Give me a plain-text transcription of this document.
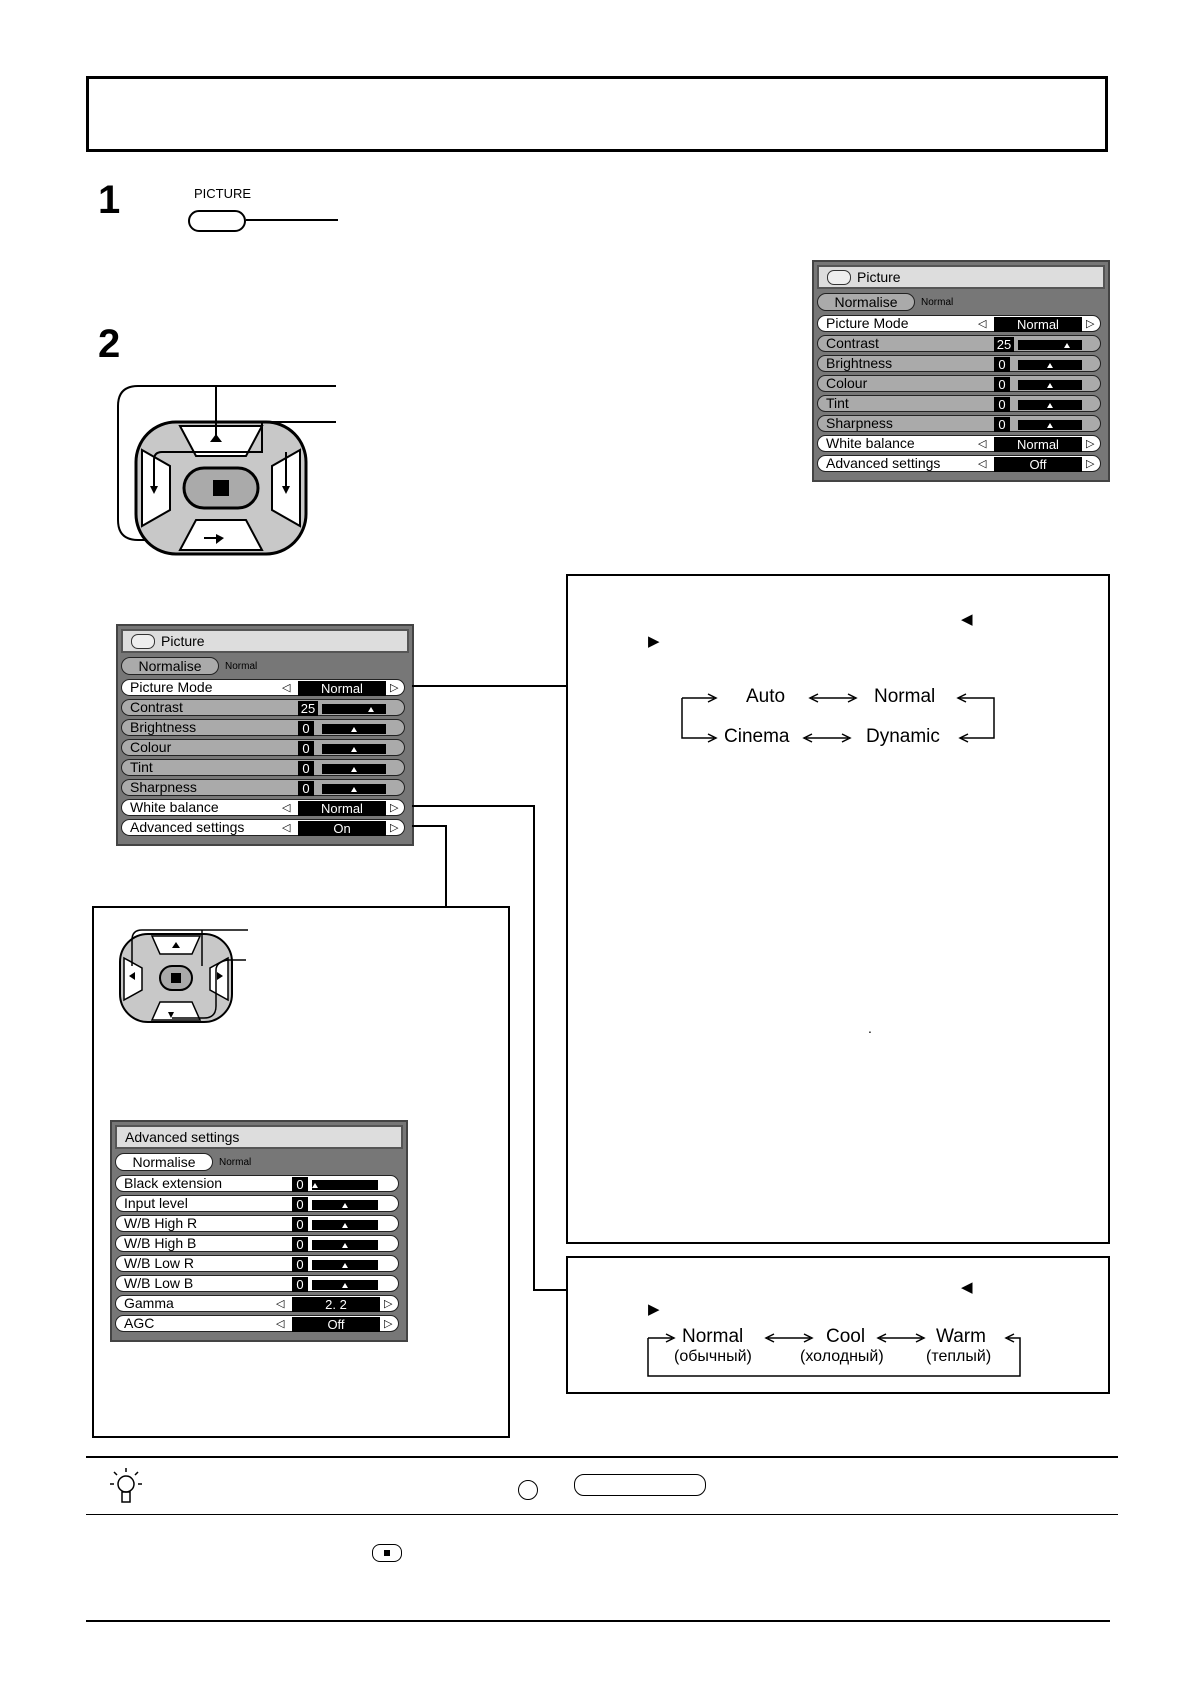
1	PICTURE
2
Picture
Normalise	Normal
Picture Mode	◁	Normal	▷
Contrast	25
Brightness	0
Colour	0
Tint	0
Sharpness	0
White balance	◁	Normal	▷
Advanced settings	◁	Off	▷
Picture
Normalise	Normal
Picture Mode	◁	Normal	▷
Contrast	25
Brightness	0
Colour	0
Tint	0
Sharpness	0
White balance	◁	Normal	▷
Advanced settings	◁	On	▷
◀
▶
Auto	Normal
Cinema	Dynamic
.
◀
▶
Normal
(обычный)
Cool
(холодный)
Warm
(теплый)
Advanced settings
Normalise	Normal
Black extension	0
Input level	0
W/B High R	0
W/B High B	0
W/B Low R	0
W/B Low B	0
Gamma	◁	2. 2	▷
AGC	◁	Off	▷
